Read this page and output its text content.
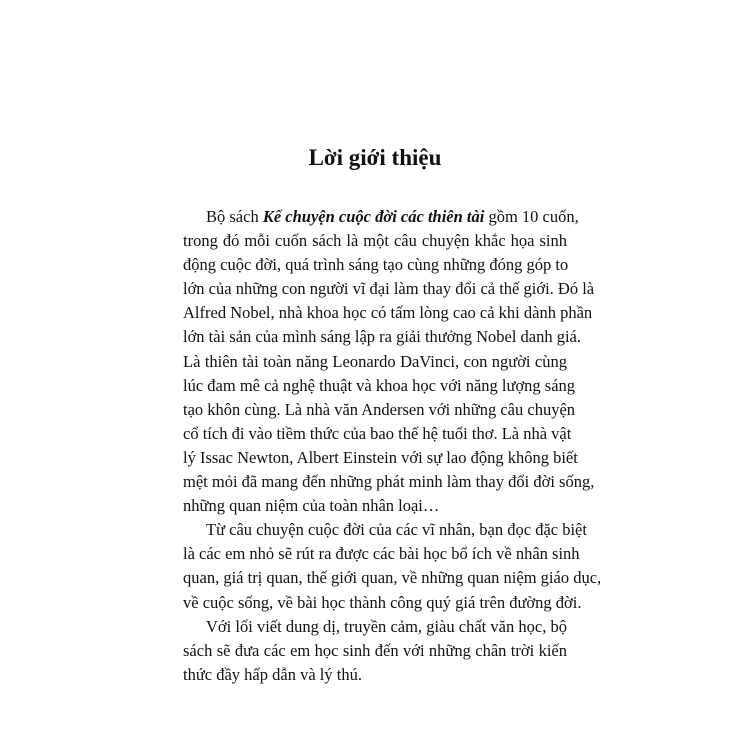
Lời giới thiệu
Bộ sách Kể chuyện cuộc đời các thiên tài gồm 10 cuốn,
trong đó mỗi cuốn sách là một câu chuyện khắc họa sinh
động cuộc đời, quá trình sáng tạo cùng những đóng góp to
lớn của những con người vĩ đại làm thay đổi cả thế giới. Đó là
Alfred Nobel, nhà khoa học có tấm lòng cao cả khi dành phần
lớn tài sản của mình sáng lập ra giải thưởng Nobel danh giá.
Là thiên tài toàn năng Leonardo DaVinci, con người cùng
lúc đam mê cả nghệ thuật và khoa học với năng lượng sáng
tạo khôn cùng. Là nhà văn Andersen với những câu chuyện
cổ tích đi vào tiềm thức của bao thế hệ tuổi thơ. Là nhà vật
lý Issac Newton, Albert Einstein với sự lao động không biết
mệt mỏi đã mang đến những phát minh làm thay đổi đời sống,
những quan niệm của toàn nhân loại…
Từ câu chuyện cuộc đời của các vĩ nhân, bạn đọc đặc biệt
là các em nhỏ sẽ rút ra được các bài học bổ ích về nhân sinh
quan, giá trị quan, thế giới quan, về những quan niệm giáo dục,
về cuộc sống, về bài học thành công quý giá trên đường đời.
Với lối viết dung dị, truyền cảm, giàu chất văn học, bộ
sách sẽ đưa các em học sinh đến với những chân trời kiến
thức đầy hấp dẫn và lý thú.
